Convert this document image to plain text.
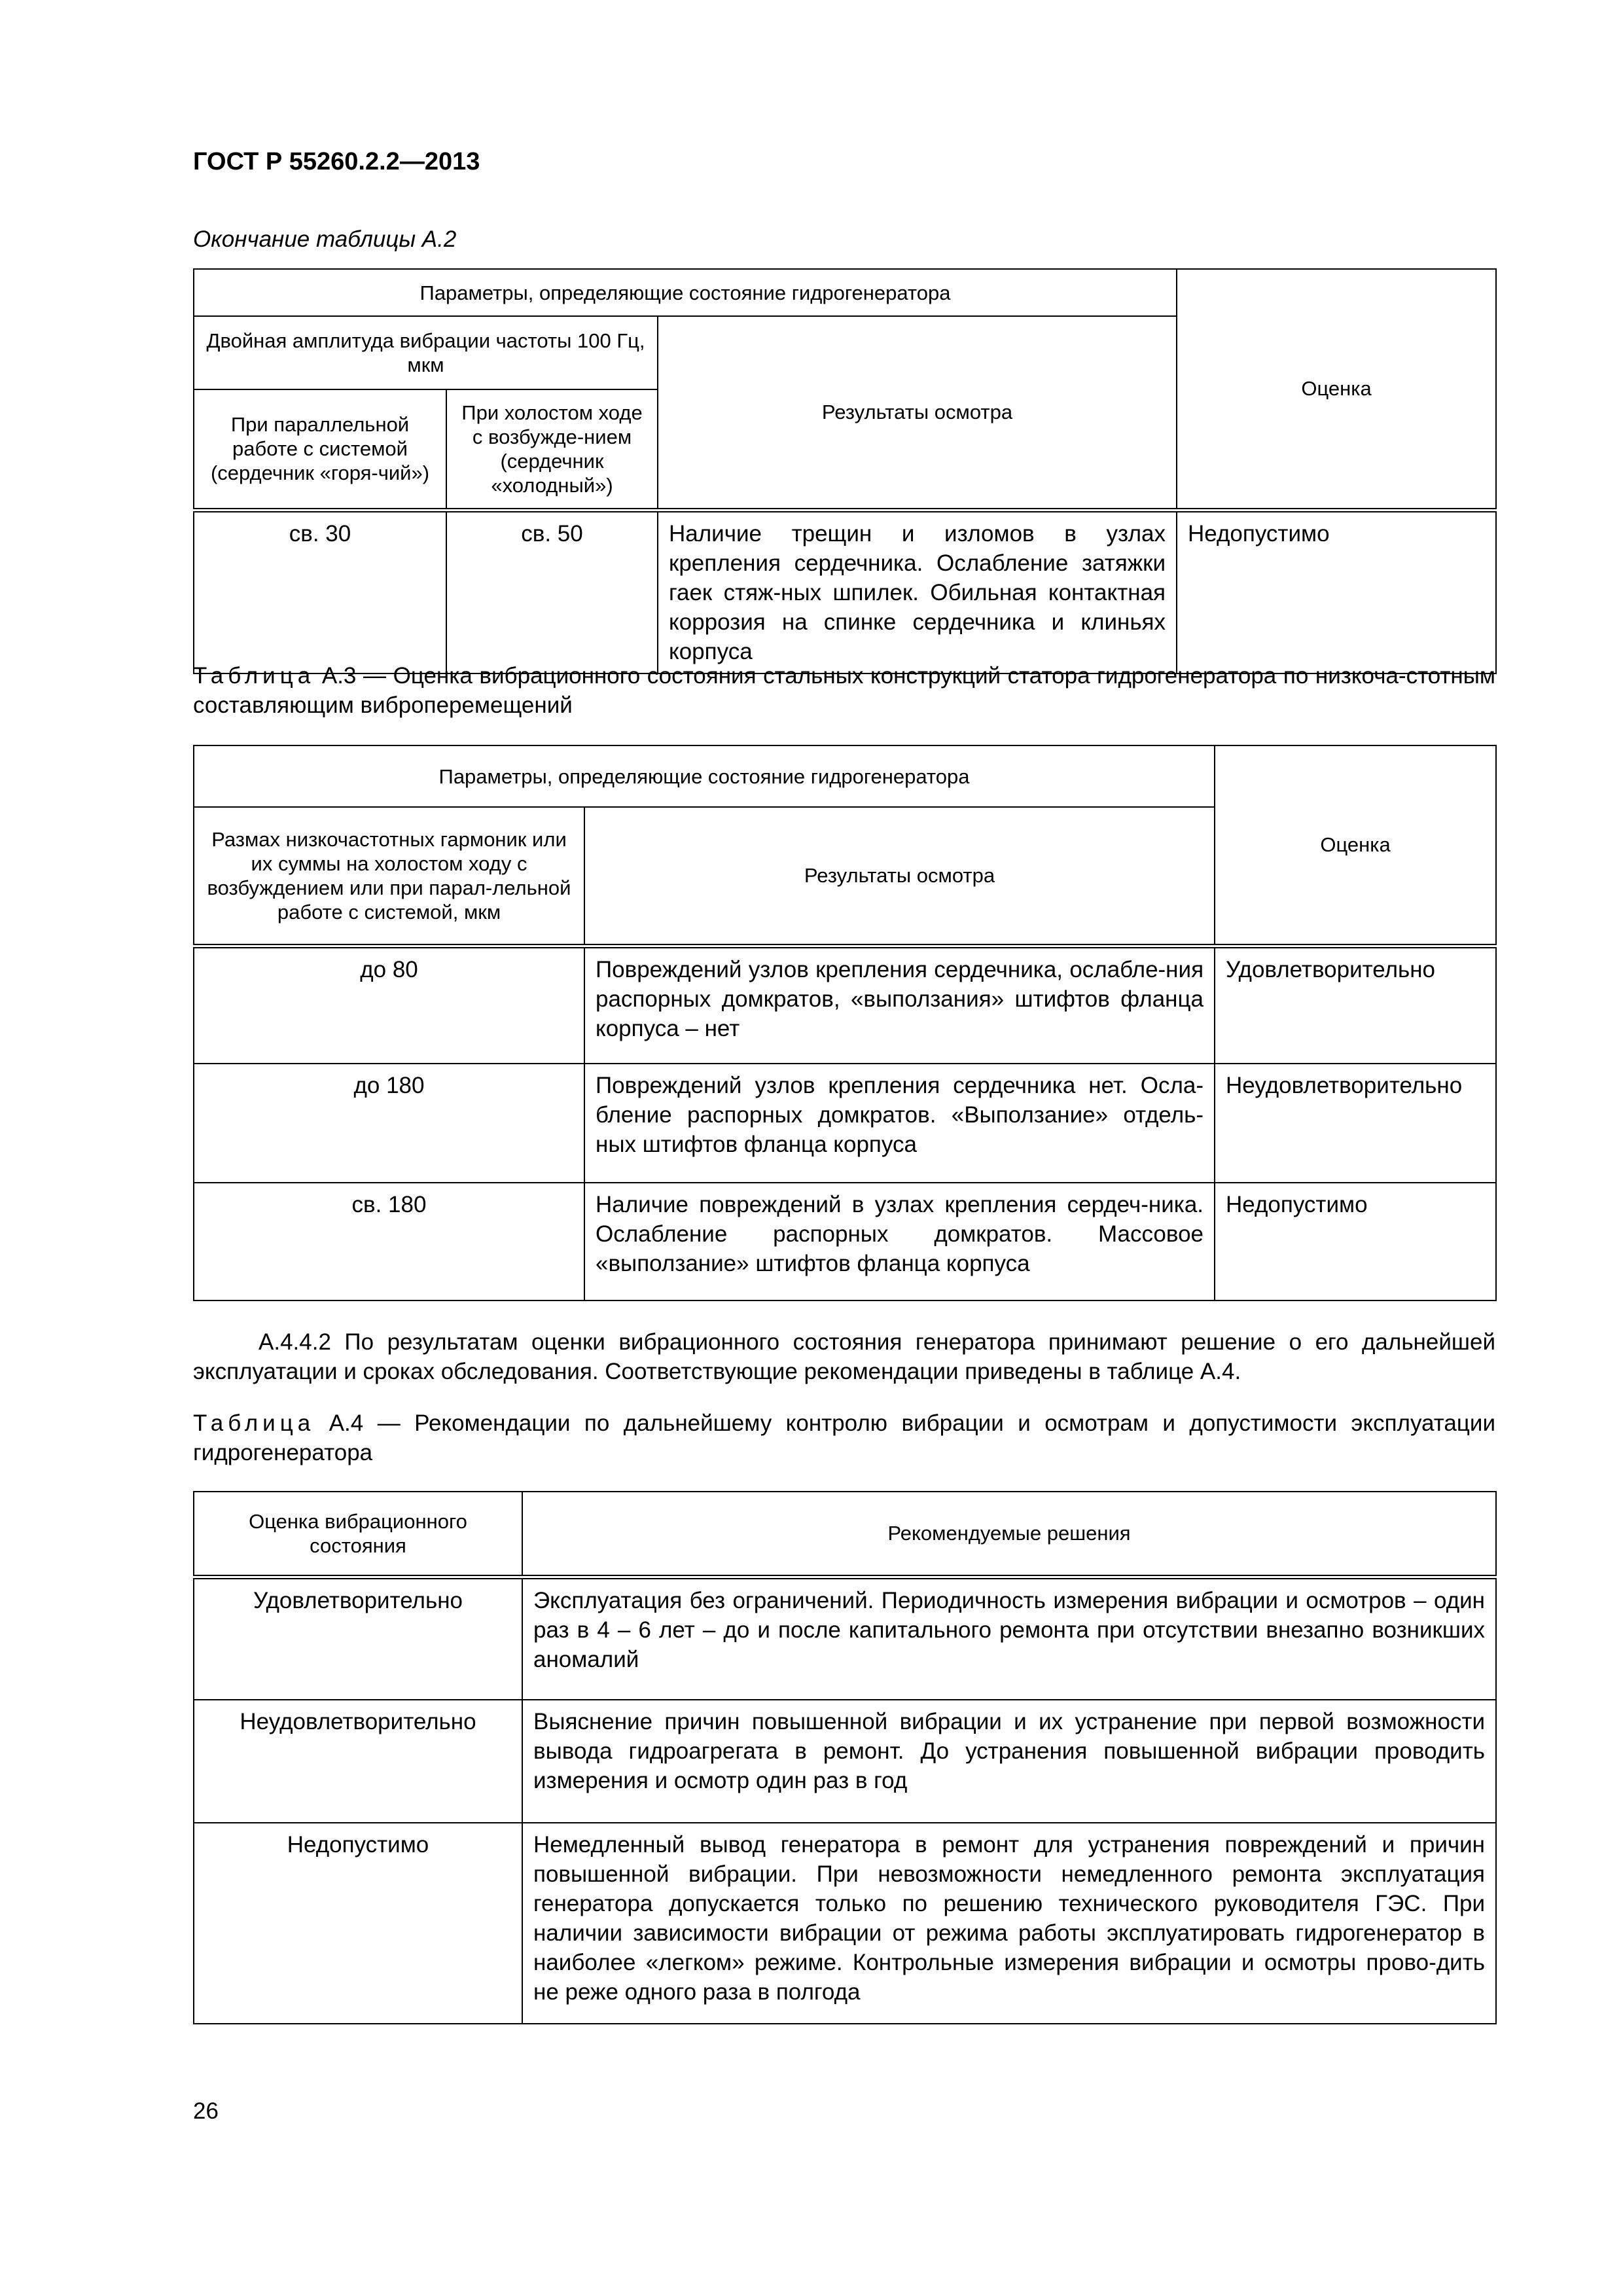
ГОСТ Р 55260.2.2—2013
Окончание таблицы А.2
Параметры, определяющие состояние гидрогенератора			Оценка
Двойная амплитуда вибрации частоты 100 Гц, мкм		Результаты осмотра	
При параллельной работе с системой (сердечник «горя-чий»)	При холостом ходе с возбужде-нием (сердечник «холодный»)		
св. 30	св. 50	Наличие трещин и изломов в узлах крепления сердечника. Ослабление затяжки гаек стяж-ных шпилек. Обильная контактная коррозия на спинке сердечника и клиньях корпуса	Недопустимо
Таблица А.3 — Оценка вибрационного состояния стальных конструкций статора гидрогенератора по низкоча-стотным составляющим виброперемещений
Параметры, определяющие состояние гидрогенератора		Оценка
Размах низкочастотных гармоник или их суммы на холостом ходу с возбуждением или при парал-лельной работе с системой, мкм	Результаты осмотра	
до 80	Повреждений узлов крепления сердечника, ослабле-ния распорных домкратов, «выползания» штифтов фланца корпуса – нет	Удовлетворительно
до 180	Повреждений узлов крепления сердечника нет. Осла-бление распорных домкратов. «Выползание» отдель-ных штифтов фланца корпуса	Неудовлетворительно
св. 180	Наличие повреждений в узлах крепления сердеч-ника. Ослабление распорных домкратов. Массовое «выползание» штифтов фланца корпуса	Недопустимо
А.4.4.2 По результатам оценки вибрационного состояния генератора принимают решение о его дальнейшей эксплуатации и сроках обследования. Соответствующие рекомендации приведены в таблице А.4.
Таблица А.4 — Рекомендации по дальнейшему контролю вибрации и осмотрам и допустимости эксплуатации гидрогенератора
Оценка вибрационного состояния	Рекомендуемые решения
Удовлетворительно	Эксплуатация без ограничений. Периодичность измерения вибрации и осмотров – один раз в 4 – 6 лет – до и после капитального ремонта при отсутствии внезапно возникших аномалий
Неудовлетворительно	Выяснение причин повышенной вибрации и их устранение при первой возможности вывода гидроагрегата в ремонт. До устранения повышенной вибрации проводить измерения и осмотр один раз в год
Недопустимо	Немедленный вывод генератора в ремонт для устранения повреждений и причин повышенной вибрации. При невозможности немедленного ремонта эксплуатация генератора допускается только по решению технического руководителя ГЭС. При наличии зависимости вибрации от режима работы эксплуатировать гидрогенератор в наиболее «легком» режиме. Контрольные измерения вибрации и осмотры прово-дить не реже одного раза в полгода
26
